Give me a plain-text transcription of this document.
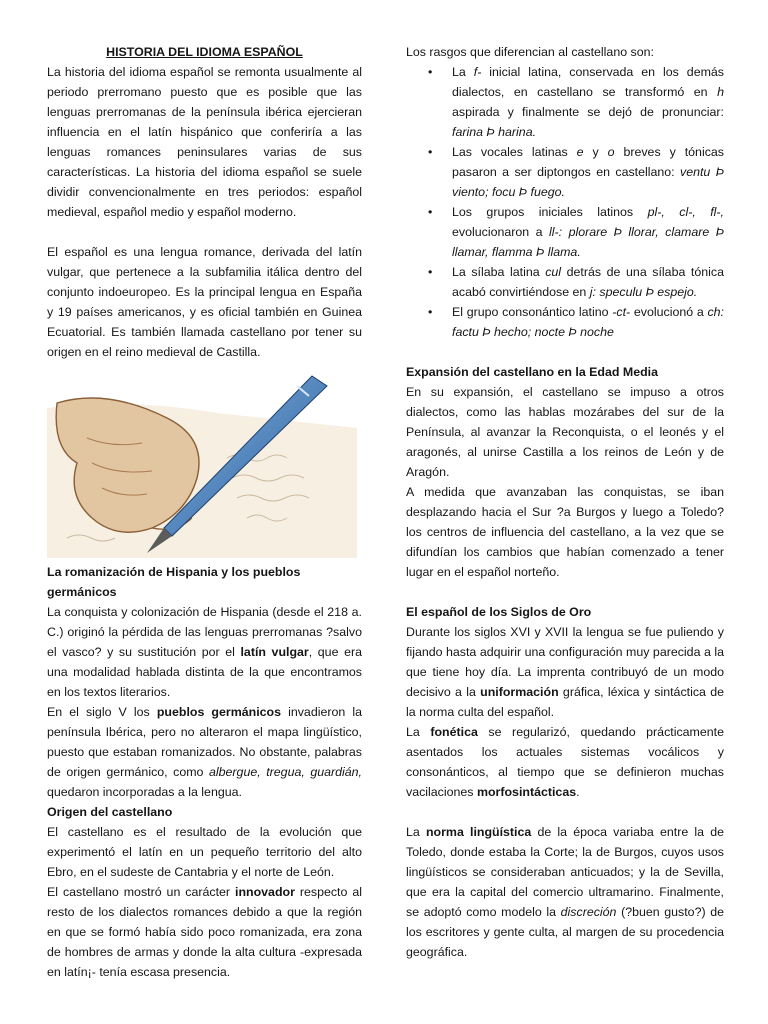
HISTORIA DEL IDIOMA ESPAÑOL

La historia del idioma español se remonta usualmente al periodo prerromano puesto que es posible que las lenguas prerromanas de la península ibérica ejercieran influencia en el latín hispánico que conferiría a las lenguas romances peninsulares varias de sus características. La historia del idioma español se suele dividir convencionalmente en tres periodos: español medieval, español medio y español moderno.

El español es una lengua romance, derivada del latín vulgar, que pertenece a la subfamilia itálica dentro del conjunto indoeuropeo. Es la principal lengua en España y 19 países americanos, y es oficial también en Guinea Ecuatorial. Es también llamada castellano por tener su origen en el reino medieval de Castilla.

La romanización de Hispania y los pueblos germánicos

La conquista y colonización de Hispania (desde el 218 a. C.) originó la pérdida de las lenguas prerromanas ?salvo el vasco? y su sustitución por el latín vulgar, que era una modalidad hablada distinta de la que encontramos en los textos literarios.

En el siglo V los pueblos germánicos invadieron la península Ibérica, pero no alteraron el mapa lingüístico, puesto que estaban romanizados. No obstante, palabras de origen germánico, como albergue, tregua, guardián, quedaron incorporadas a la lengua.

Origen del castellano

El castellano es el resultado de la evolución que experimentó el latín en un pequeño territorio del alto Ebro, en el sudeste de Cantabria y el norte de León.

El castellano mostró un carácter innovador respecto al resto de los dialectos romances debido a que la región en que se formó había sido poco romanizada, era zona de hombres de armas y donde la alta cultura -expresada en latín¡- tenía escasa presencia.

Los rasgos que diferencian al castellano son:

• La f- inicial latina, conservada en los demás dialectos, en castellano se transformó en h aspirada y finalmente se dejó de pronunciar: farina Þ harina.
• Las vocales latinas e y o breves y tónicas pasaron a ser diptongos en castellano: ventu Þ viento; focu Þ fuego.
• Los grupos iniciales latinos pl-, cl-, fl-, evolucionaron a ll-: plorare Þ llorar, clamare Þ llamar, flamma Þ llama.
• La sílaba latina cul detrás de una sílaba tónica acabó convirtiéndose en j: speculu Þ espejo.
• El grupo consonántico latino -ct- evolucionó a ch: factu Þ hecho; nocte Þ noche
Expansión del castellano en la Edad Media

En su expansión, el castellano se impuso a otros dialectos, como las hablas mozárabes del sur de la Península, al avanzar la Reconquista, o el leonés y el aragonés, al unirse Castilla a los reinos de León y de Aragón.

A medida que avanzaban las conquistas, se iban desplazando hacia el Sur ?a Burgos y luego a Toledo? los centros de influencia del castellano, a la vez que se difundían los cambios que habían comenzado a tener lugar en el español norteño.

El español de los Siglos de Oro

Durante los siglos XVI y XVII la lengua se fue puliendo y fijando hasta adquirir una configuración muy parecida a la que tiene hoy día. La imprenta contribuyó de un modo decisivo a la uniformación gráfica, léxica y sintáctica de la norma culta del español.

La fonética se regularizó, quedando prácticamente asentados los actuales sistemas vocálicos y consonánticos, al tiempo que se definieron muchas vacilaciones morfosintácticas.

La norma lingüística de la época variaba entre la de Toledo, donde estaba la Corte; la de Burgos, cuyos usos lingüísticos se consideraban anticuados; y la de Sevilla, que era la capital del comercio ultramarino. Finalmente, se adoptó como modelo la discreción (?buen gusto?) de los escritores y gente culta, al margen de su procedencia geográfica.
